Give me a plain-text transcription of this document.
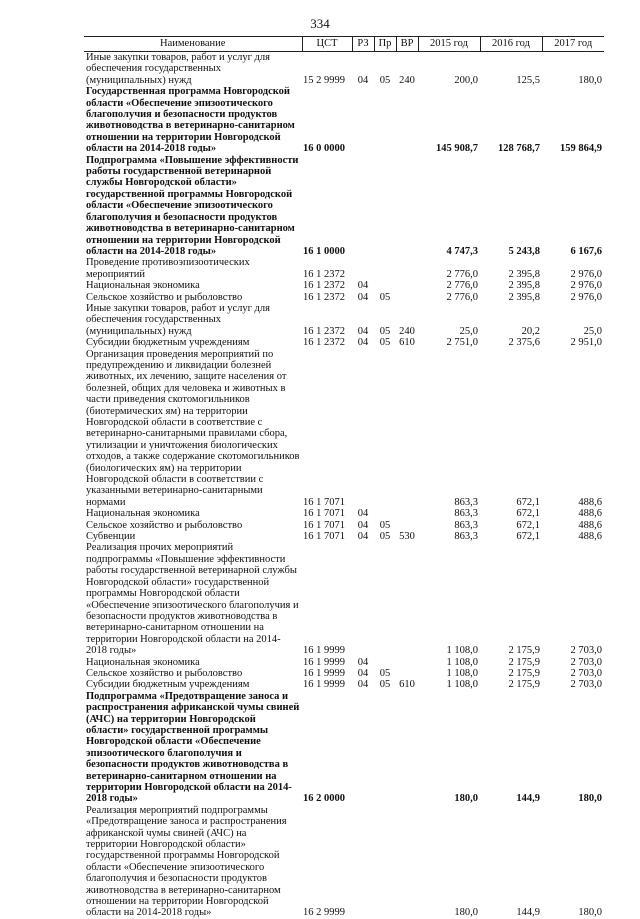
334
Наименование	ЦСТ	РЗ	Пр	ВР	2015 год	2016 год	2017 год
Иные закупки товаров, работ и услуг для обеспечения государственных (муниципальных) нужд	15 2 9999	04	05	240	200,0	125,5	180,0
Государственная программа Новгородской области «Обеспечение эпизоотического благополучия и безопасности продуктов животноводства в ветеринарно-санитарном отношении на территории Новгородской области на 2014-2018 годы»	16 0 0000				145 908,7	128 768,7	159 864,9
Подпрограмма «Повышение эффективности работы государственной ветеринарной службы Новгородской области» государственной программы Новгородской области «Обеспечение эпизоотического благополучия и безопасности продуктов животноводства в ветеринарно-санитарном отношении на территории Новгородской области на 2014-2018 годы»	16 1 0000				4 747,3	5 243,8	6 167,6
Проведение противоэпизоотических мероприятий	16 1 2372				2 776,0	2 395,8	2 976,0
Национальная экономика	16 1 2372	04			2 776,0	2 395,8	2 976,0
Сельское хозяйство и рыболовство	16 1 2372	04	05		2 776,0	2 395,8	2 976,0
Иные закупки товаров, работ и услуг для обеспечения государственных (муниципальных) нужд	16 1 2372	04	05	240	25,0	20,2	25,0
Субсидии бюджетным учреждениям	16 1 2372	04	05	610	2 751,0	2 375,6	2 951,0
Организация проведения мероприятий по предупреждению и ликвидации болезней животных, их лечению, защите населения от болезней, общих для человека и животных в части приведения скотомогильников (биотермических ям) на территории Новгородской области в соответствие с ветеринарно-санитарными правилами сбора, утилизации и уничтожения биологических отходов, а также содержание скотомогильников (биологических ям) на территории Новгородской области в соответствии с указанными ветеринарно-санитарными нормами	16 1 7071				863,3	672,1	488,6
Национальная экономика	16 1 7071	04			863,3	672,1	488,6
Сельское хозяйство и рыболовство	16 1 7071	04	05		863,3	672,1	488,6
Субвенции	16 1 7071	04	05	530	863,3	672,1	488,6
Реализация прочих мероприятий подпрограммы «Повышение эффективности работы государственной ветеринарной службы Новгородской области» государственной программы Новгородской области «Обеспечение эпизоотического благополучия и безопасности продуктов животноводства в ветеринарно-санитарном отношении на территории Новгородской области на 2014-2018 годы»	16 1 9999				1 108,0	2 175,9	2 703,0
Национальная экономика	16 1 9999	04			1 108,0	2 175,9	2 703,0
Сельское хозяйство и рыболовство	16 1 9999	04	05		1 108,0	2 175,9	2 703,0
Субсидии бюджетным учреждениям	16 1 9999	04	05	610	1 108,0	2 175,9	2 703,0
Подпрограмма «Предотвращение заноса и распространения африканской чумы свиней (АЧС) на территории Новгородской области» государственной программы Новгородской области «Обеспечение эпизоотического благополучия и безопасности продуктов животноводства в ветеринарно-санитарном отношении на территории Новгородской области на 2014-2018 годы»	16 2 0000				180,0	144,9	180,0
Реализация мероприятий подпрограммы «Предотвращение заноса и распространения африканской чумы свиней (АЧС) на территории Новгородской области» государственной программы Новгородской области «Обеспечение эпизоотического благополучия и безопасности продуктов животноводства в ветеринарно-санитарном отношении на территории Новгородской области на 2014-2018 годы»	16 2 9999				180,0	144,9	180,0
